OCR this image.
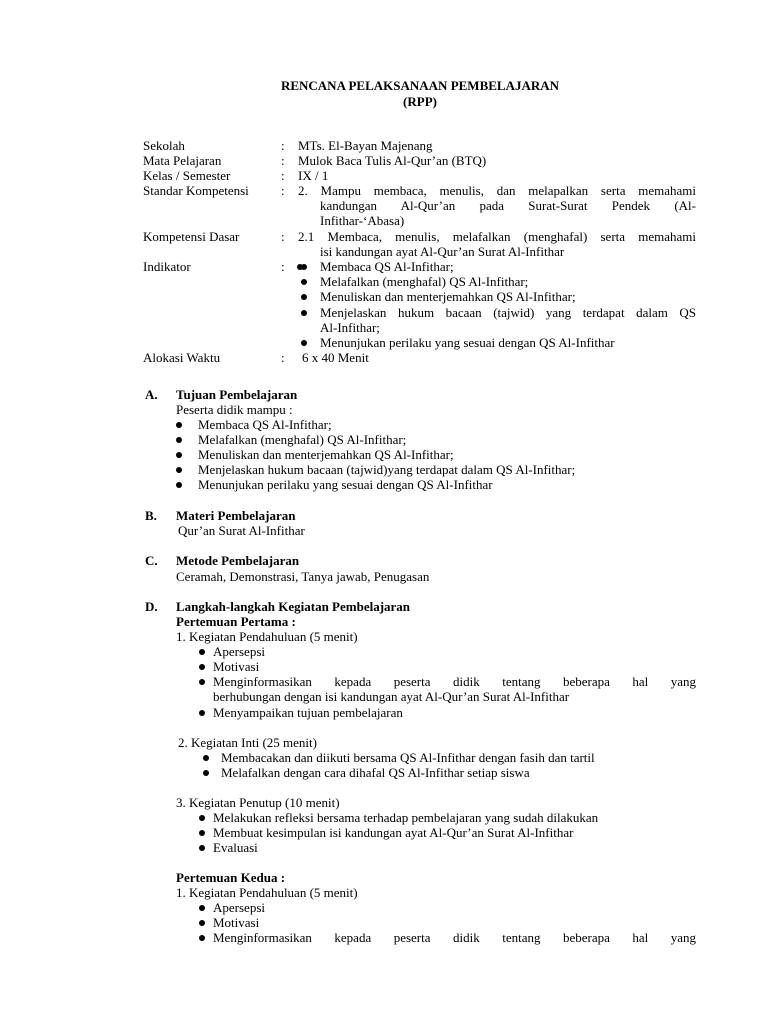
RENCANA PELAKSANAAN PEMBELAJARAN
(RPP)
Sekolah	: MTs. El-Bayan Majenang
Mata Pelajaran	: Mulok Baca Tulis Al-Qur’an (BTQ)
Kelas / Semester	: IX / 1
Standar Kompetensi : 2. Mampu membaca, menulis, dan melapalkan serta memahami
kandungan Al-Qur’an pada Surat-Surat Pendek (Al-
Infithar-‘Abasa)
Kompetensi Dasar	: 2.1 Membaca, menulis, melafalkan (menghafal) serta memahami
isi kandungan ayat Al-Qur’an Surat Al-Infithar
Indikator	:	Membaca QS Al-Infithar;
Melafalkan (menghafal) QS Al-Infithar;
Menuliskan dan menterjemahkan QS Al-Infithar;
Menjelaskan hukum bacaan (tajwid) yang terdapat dalam QS
Al-Infithar;
Menunjukan perilaku yang sesuai dengan QS Al-Infithar
Alokasi Waktu	: 6 x 40 Menit
A. Tujuan Pembelajaran
Peserta didik mampu :
Membaca QS Al-Infithar;
Melafalkan (menghafal) QS Al-Infithar;
Menuliskan dan menterjemahkan QS Al-Infithar;
Menjelaskan hukum bacaan (tajwid)yang terdapat dalam QS Al-Infithar;
Menunjukan perilaku yang sesuai dengan QS Al-Infithar
B. Materi Pembelajaran
Qur’an Surat Al-Infithar
C. Metode Pembelajaran
Ceramah, Demonstrasi, Tanya jawab, Penugasan
D. Langkah-langkah Kegiatan Pembelajaran
Pertemuan Pertama :
1. Kegiatan Pendahuluan (5 menit)
Apersepsi
Motivasi
Menginformasikan kepada peserta didik tentang beberapa hal yang
berhubungan dengan isi kandungan ayat Al-Qur’an Surat Al-Infithar
Menyampaikan tujuan pembelajaran
2. Kegiatan Inti (25 menit)
Membacakan dan diikuti bersama QS Al-Infithar dengan fasih dan tartil
Melafalkan dengan cara dihafal QS Al-Infithar setiap siswa
3. Kegiatan Penutup (10 menit)
Melakukan refleksi bersama terhadap pembelajaran yang sudah dilakukan
Membuat kesimpulan isi kandungan ayat Al-Qur’an Surat Al-Infithar
Evaluasi
Pertemuan Kedua :
1. Kegiatan Pendahuluan (5 menit)
Apersepsi
Motivasi
Menginformasikan kepada peserta didik tentang beberapa hal yang
